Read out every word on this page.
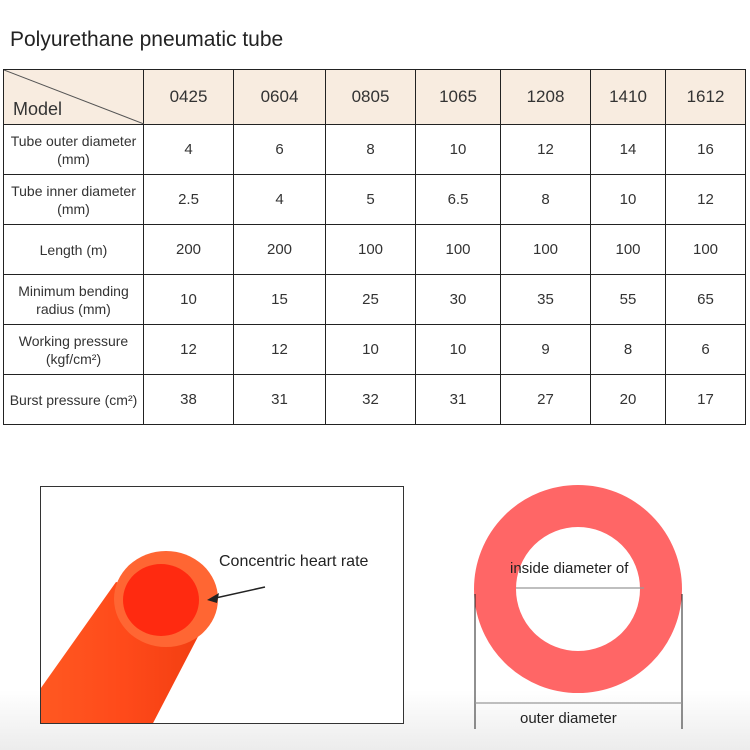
Polyurethane pneumatic tube
Model	0425	0604	0805	1065	1208	1410	1612

Tube outer diameter
(mm)	4	6	8	10	12	14	16

Tube inner diameter
(mm)	2.5	4	5	6.5	8	10	12

Length (m)	200	200	100	100	100	100	100

Minimum bending
radius (mm)	10	15	25	30	35	55	65

Working pressure
(kgf/cm²)	12	12	10	10	9	8	6

Burst pressure (cm²)	38	31	32	31	27	20	17
Concentric heart rate	inside diameter of
outer diameter
